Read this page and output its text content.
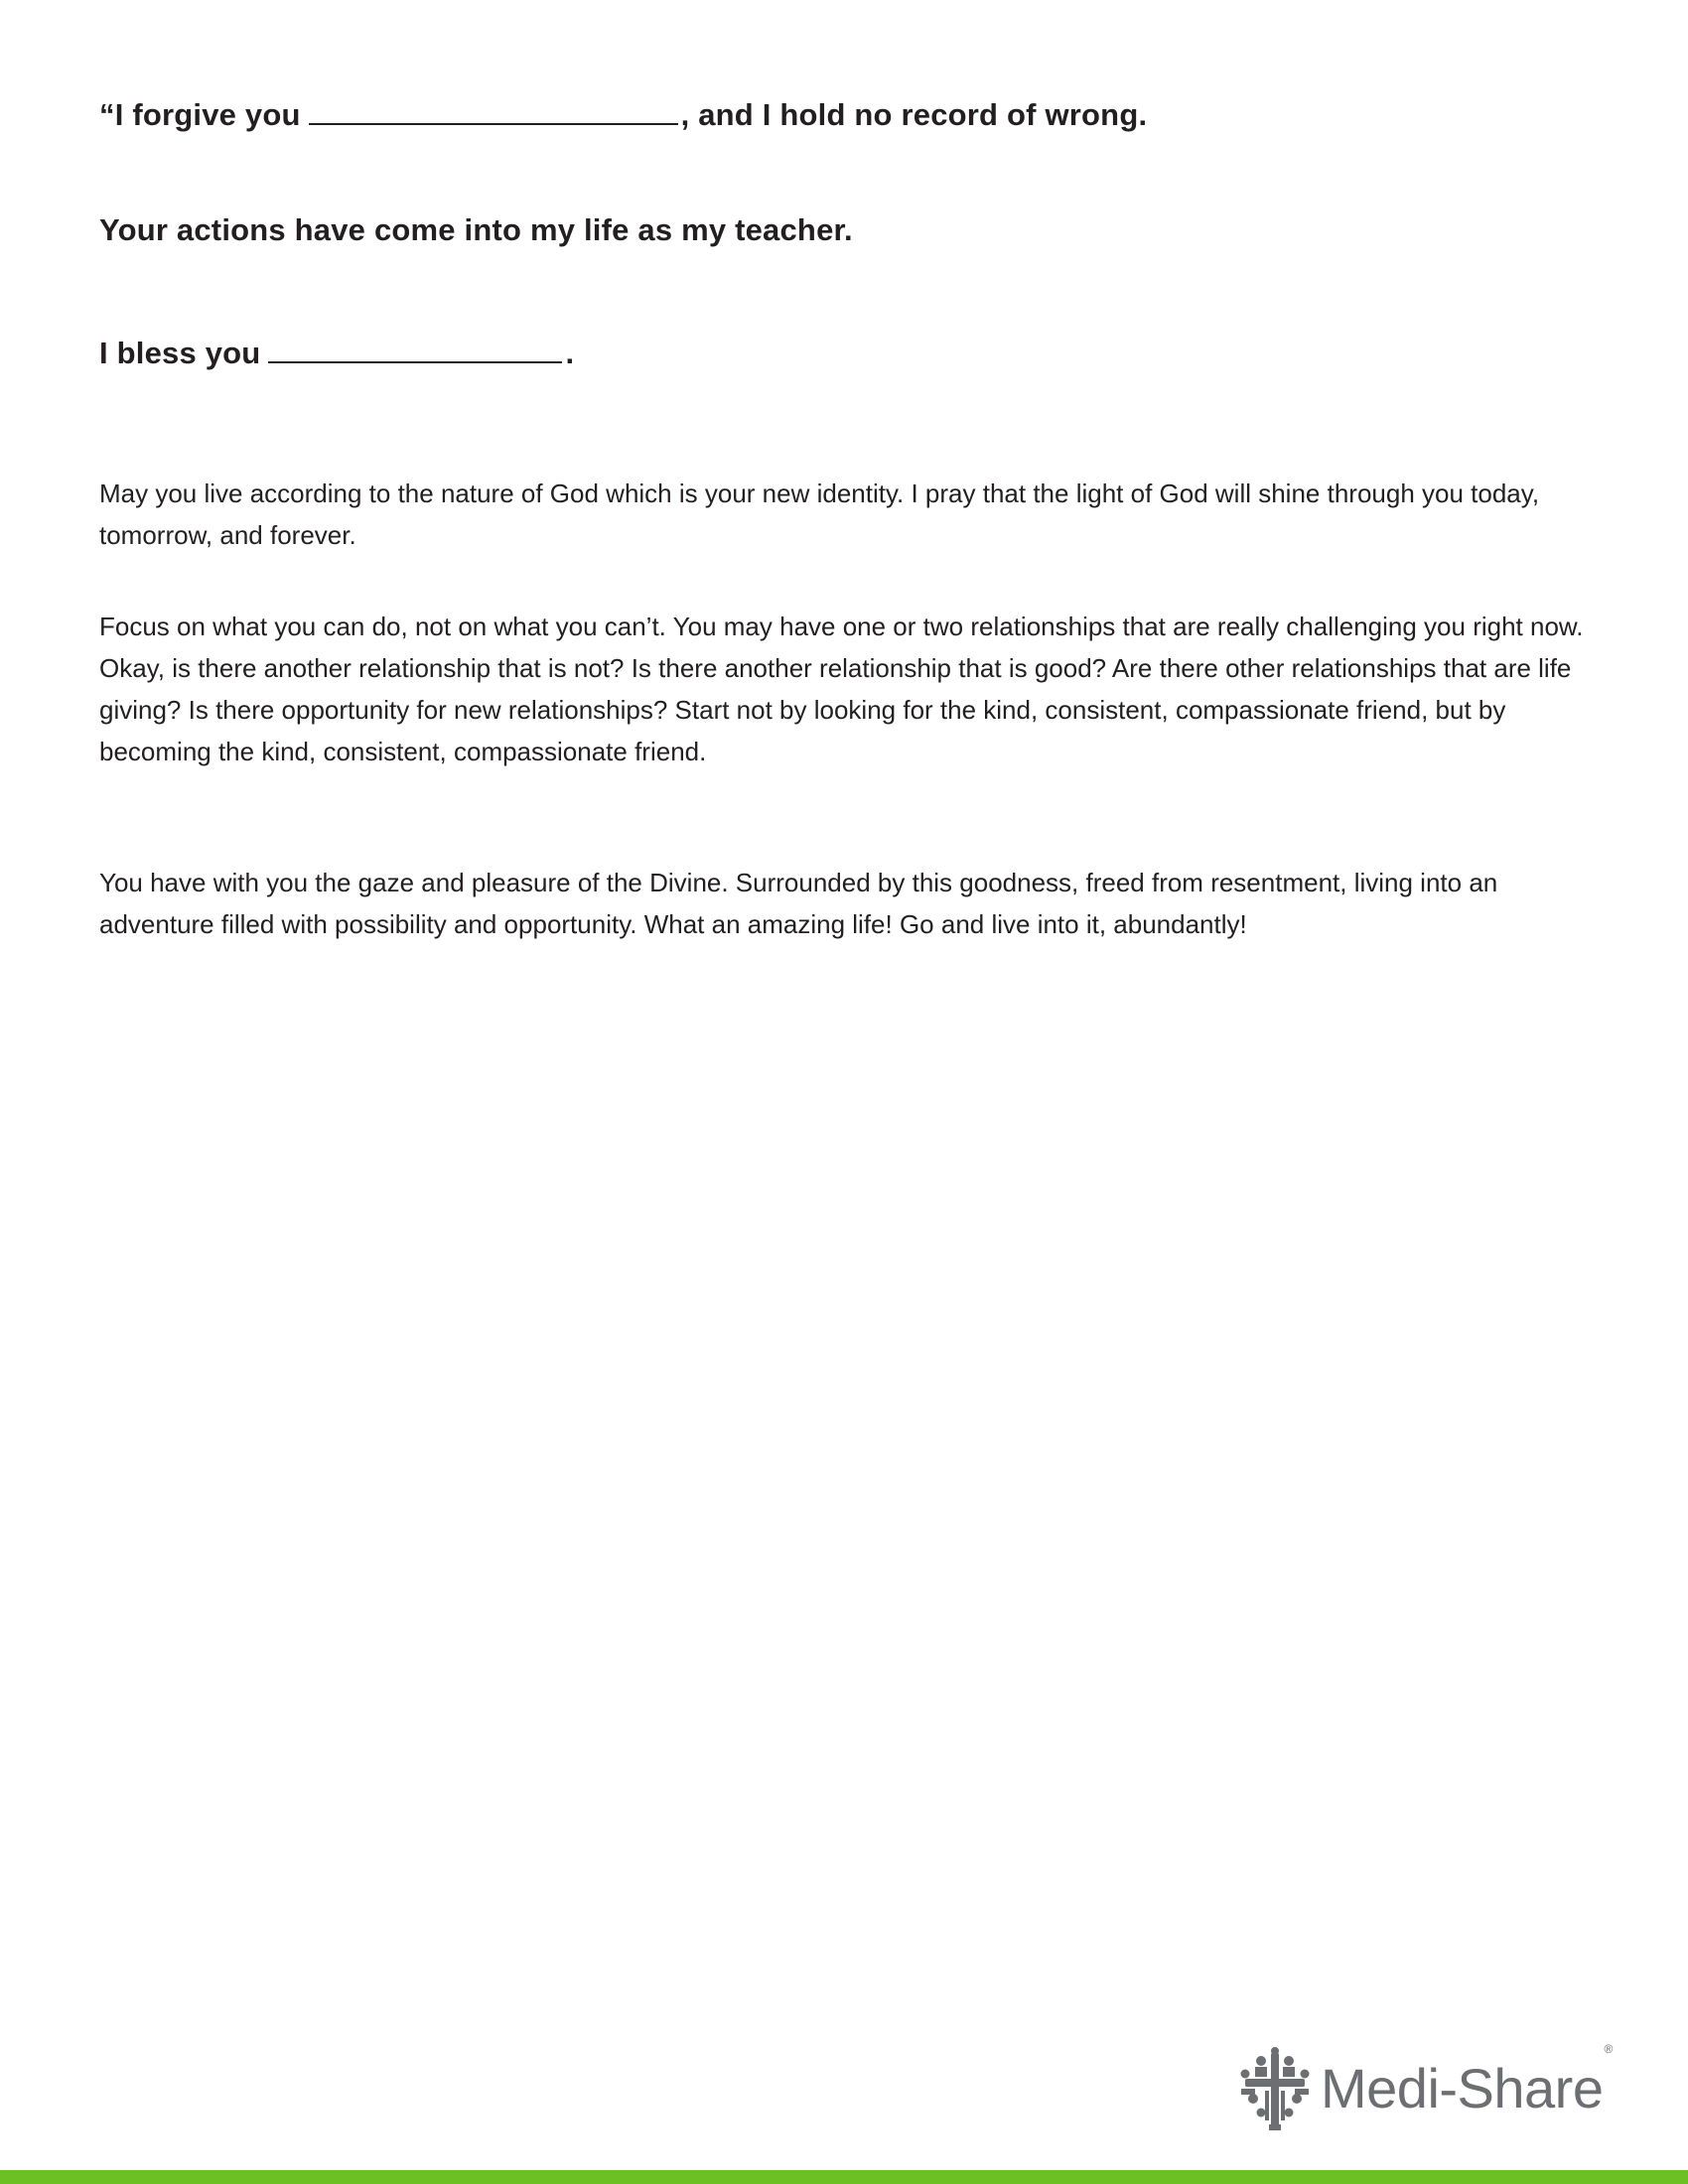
“I forgive you	, and I hold no record of wrong.

Your actions have come into my life as my teacher.

I bless you	.

May you live according to the nature of God which is your new identity. I pray that the light of God will shine through you today, tomorrow, and forever.

Focus on what you can do, not on what you can’t. You may have one or two relationships that are really challenging you right now. Okay, is there another relationship that is not? Is there another relationship that is good? Are there other relationships that are life giving? Is there opportunity for new relationships? Start not by looking for the kind, consistent, compassionate friend, but by becoming the kind, consistent, compassionate friend.

You have with you the gaze and pleasure of the Divine. Surrounded by this goodness, freed from resentment, living into an adventure filled with possibility and opportunity. What an amazing life! Go and live into it, abundantly!

Medi-Share®
